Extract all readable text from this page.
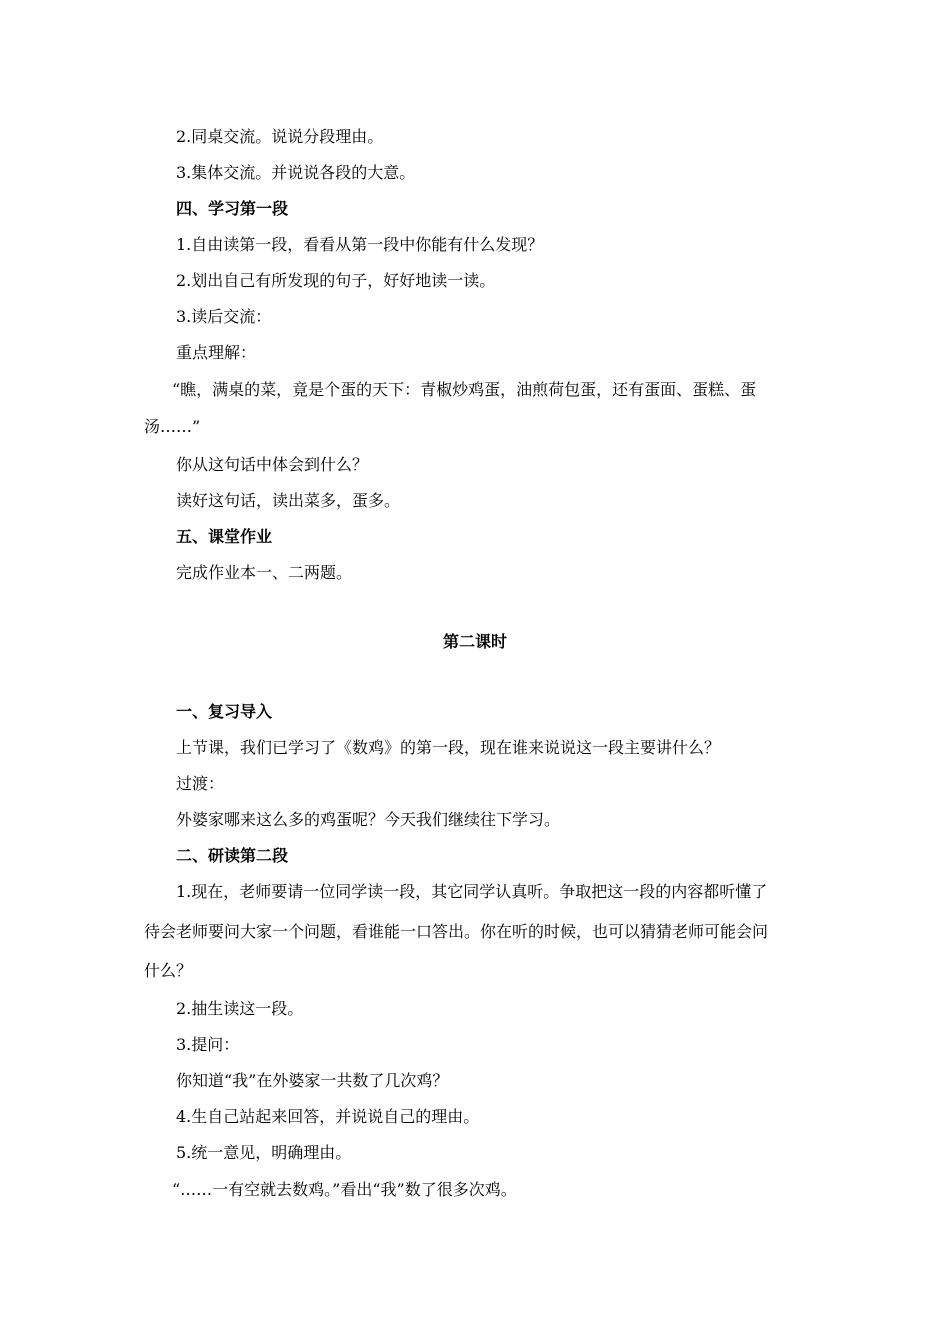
2.同桌交流。说说分段理由。
3.集体交流。并说说各段的大意。
四、学习第一段
1.自由读第一段，看看从第一段中你能有什么发现？
2.划出自己有所发现的句子，好好地读一读。
3.读后交流：
重点理解：
“瞧，满桌的菜，竟是个蛋的天下：青椒炒鸡蛋，油煎荷包蛋，还有蛋面、蛋糕、蛋
汤……”
你从这句话中体会到什么？
读好这句话，读出菜多，蛋多。
五、课堂作业
完成作业本一、二两题。
第二课时
一、复习导入
上节课，我们已学习了《数鸡》的第一段，现在谁来说说这一段主要讲什么？
过渡：
外婆家哪来这么多的鸡蛋呢？今天我们继续往下学习。
二、研读第二段
1.现在，老师要请一位同学读一段，其它同学认真听。争取把这一段的内容都听懂了
待会老师要问大家一个问题，看谁能一口答出。你在听的时候，也可以猜猜老师可能会问
什么？
2.抽生读这一段。
3.提问：
你知道“我”在外婆家一共数了几次鸡？
4.生自己站起来回答，并说说自己的理由。
5.统一意见，明确理由。
“……一有空就去数鸡。”看出“我”数了很多次鸡。
